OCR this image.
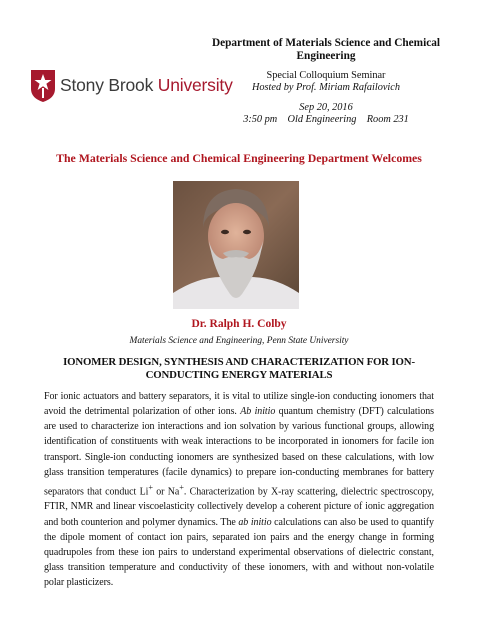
Stony Brook University
Department of Materials Science and Chemical Engineering
Special Colloquium Seminar
Hosted by Prof. Miriam Rafailovich
Sep 20, 2016
3:50 pm    Old Engineering    Room 231
The Materials Science and Chemical Engineering Department Welcomes
Dr. Ralph H. Colby
Materials Science and Engineering, Penn State University
IONOMER DESIGN, SYNTHESIS AND CHARACTERIZATION FOR ION-CONDUCTING ENERGY MATERIALS
For ionic actuators and battery separators, it is vital to utilize single-ion conducting ionomers that avoid the detrimental polarization of other ions. Ab initio quantum chemistry (DFT) calculations are used to characterize ion interactions and ion solvation by various functional groups, allowing identification of constituents with weak interactions to be incorporated in ionomers for facile ion transport. Single-ion conducting ionomers are synthesized based on these calculations, with low glass transition temperatures (facile dynamics) to prepare ion-conducting membranes for battery separators that conduct Li+ or Na+. Characterization by X-ray scattering, dielectric spectroscopy, FTIR, NMR and linear viscoelasticity collectively develop a coherent picture of ionic aggregation and both counterion and polymer dynamics. The ab initio calculations can also be used to quantify the dipole moment of contact ion pairs, separated ion pairs and the energy change in forming quadrupoles from these ion pairs to understand experimental observations of dielectric constant, glass transition temperature and conductivity of these ionomers, with and without non-volatile polar plasticizers.
